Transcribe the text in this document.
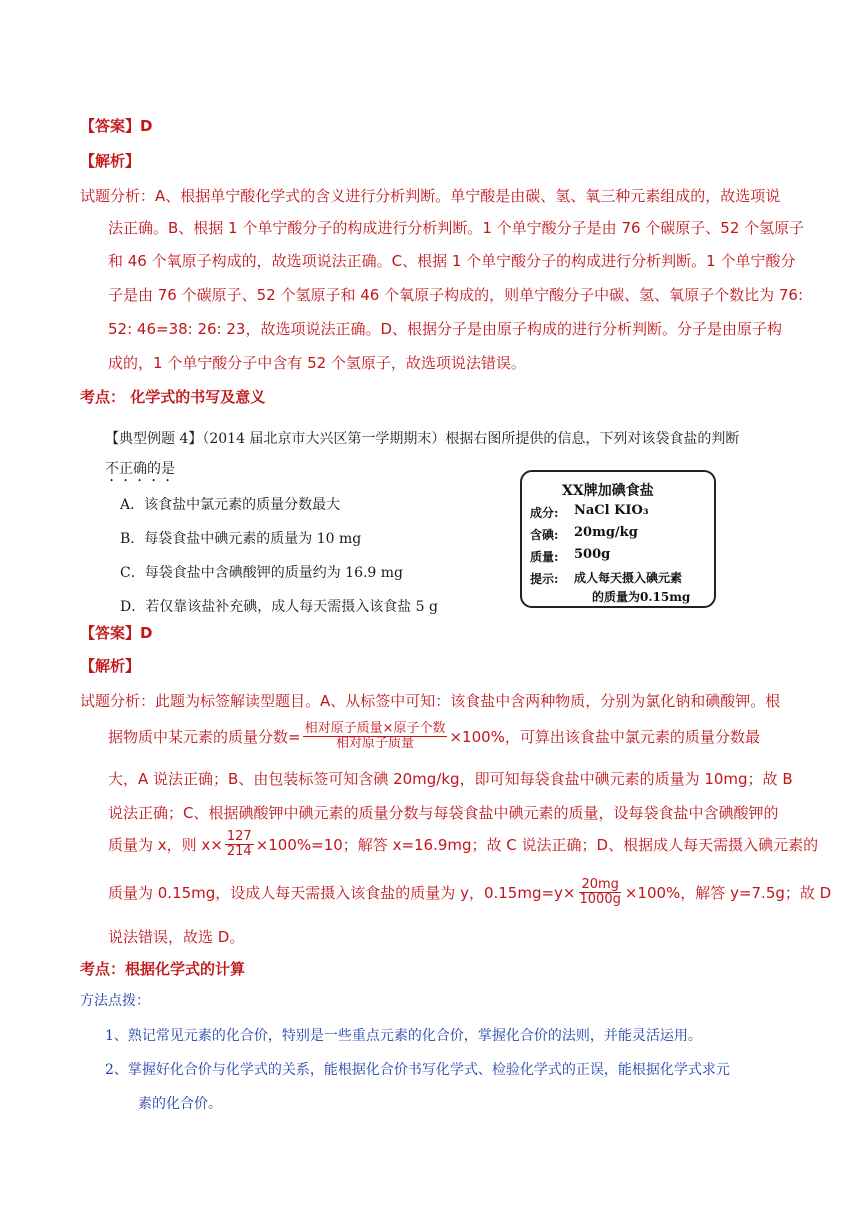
【答案】D
【解析】
试题分析：A、根据单宁酸化学式的含义进行分析判断。单宁酸是由碳、氢、氧三种元素组成的，故选项说
法正确。B、根据 1 个单宁酸分子的构成进行分析判断。1 个单宁酸分子是由 76 个碳原子、52 个氢原子
和 46 个氧原子构成的，故选项说法正确。C、根据 1 个单宁酸分子的构成进行分析判断。1 个单宁酸分
子是由 76 个碳原子、52 个氢原子和 46 个氧原子构成的，则单宁酸分子中碳、氢、氧原子个数比为 76:
52: 46=38: 26: 23，故选项说法正确。D、根据分子是由原子构成的进行分析判断。分子是由原子构
成的，1 个单宁酸分子中含有 52 个氢原子，故选项说法错误。
考点： 化学式的书写及意义
【典型例题 4】（2014 届北京市大兴区第一学期期末）根据右图所提供的信息，下列对该袋食盐的判断
不正确的是
A．该食盐中氯元素的质量分数最大
B．每袋食盐中碘元素的质量为 10 mg
C．每袋食盐中含碘酸钾的质量约为 16.9 mg
D．若仅靠该盐补充碘，成人每天需摄入该食盐 5 g
XX牌加碘食盐
成分: NaCl KIO₃
含碘: 20mg/kg
质量: 500g
提示: 成人每天摄入碘元素
的质量为0.15mg
【答案】D
【解析】
试题分析：此题为标签解读型题目。A、从标签中可知：该食盐中含两种物质，分别为氯化钠和碘酸钾。根
据物质中某元素的质量分数= $\frac{\text{相对原子质量×原子个数}}{\text{相对原子质量}} \times 100\%$，可算出该食盐中氯元素的质量分数最
大，A 说法正确；B、由包装标签可知含碘 20mg/kg，即可知每袋食盐中碘元素的质量为 10mg；故 B
说法正确；C、根据碘酸钾中碘元素的质量分数与每袋食盐中碘元素的质量，设每袋食盐中含碘酸钾的
质量为 x，则 $x\times \frac{127}{214} \times 100\%=10$；解答 x=16.9mg；故 C 说法正确；D、根据成人每天需摄入碘元素的
质量为 0.15mg，设成人每天需摄入该食盐的质量为 y，$0.15mg=y\times \frac{20mg}{1000g} \times 100\%$，解答 y=7.5g；故 D
说法错误，故选 D。
考点：根据化学式的计算
方法点拨：
1、熟记常见元素的化合价，特别是一些重点元素的化合价，掌握化合价的法则，并能灵活运用。
2、掌握好化合价与化学式的关系，能根据化合价书写化学式、检验化学式的正误，能根据化学式求元
素的化合价。
